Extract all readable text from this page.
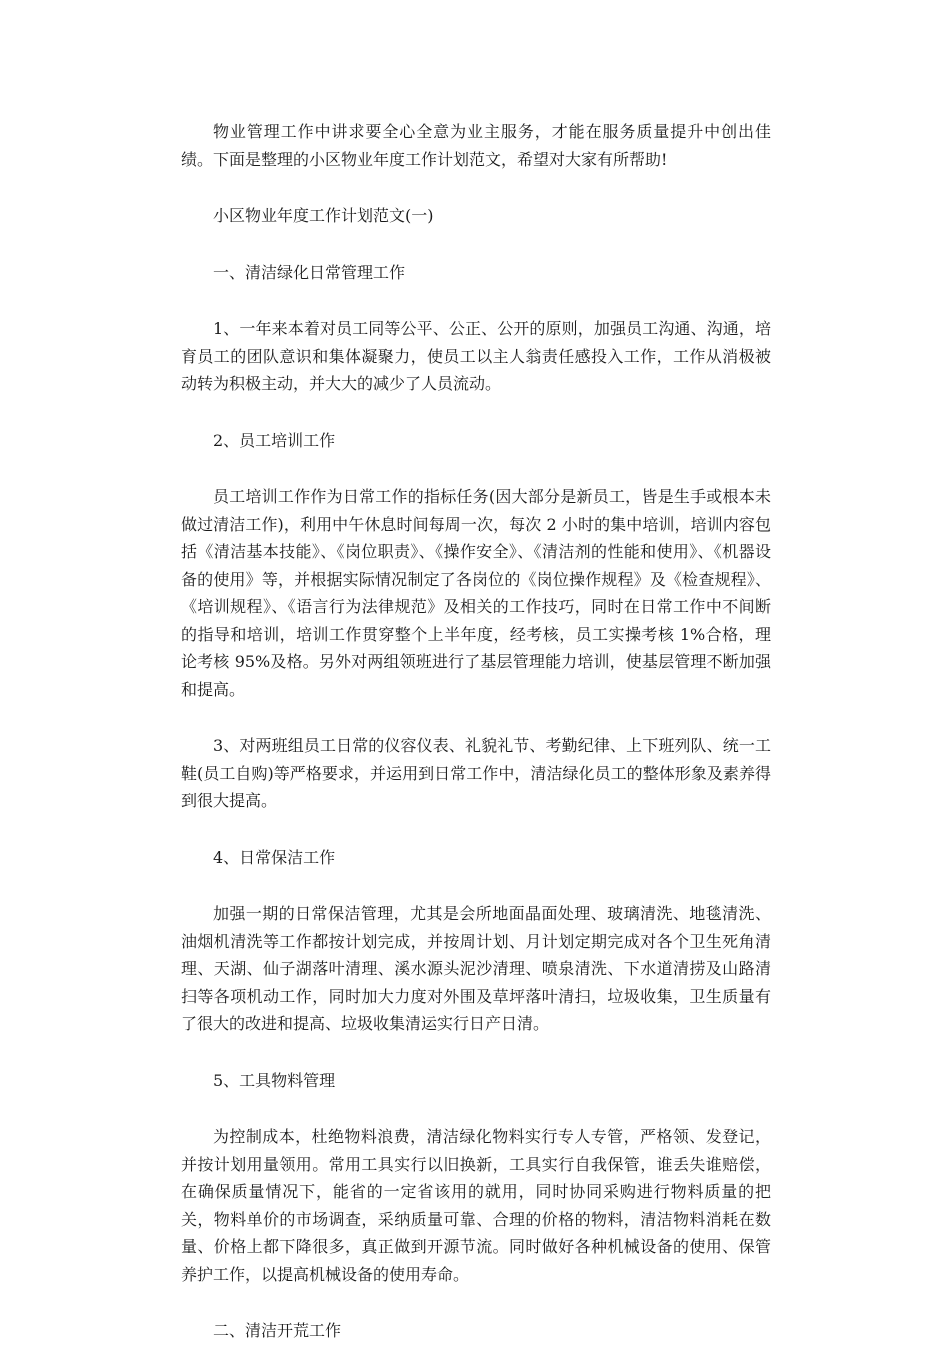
物业管理工作中讲求要全心全意为业主服务，才能在服务质量提升中创出佳绩。下面是整理的小区物业年度工作计划范文，希望对大家有所帮助!

小区物业年度工作计划范文(一)

一、清洁绿化日常管理工作

1、一年来本着对员工同等公平、公正、公开的原则，加强员工沟通、沟通，培育员工的团队意识和集体凝聚力，使员工以主人翁责任感投入工作，工作从消极被动转为积极主动，并大大的减少了人员流动。

2、员工培训工作

员工培训工作作为日常工作的指标任务(因大部分是新员工，皆是生手或根本未做过清洁工作)，利用中午休息时间每周一次，每次 2 小时的集中培训，培训内容包括《清洁基本技能》、《岗位职责》、《操作安全》、《清洁剂的性能和使用》、《机器设备的使用》等，并根据实际情况制定了各岗位的《岗位操作规程》及《检查规程》、《培训规程》、《语言行为法律规范》及相关的工作技巧，同时在日常工作中不间断的指导和培训，培训工作贯穿整个上半年度，经考核，员工实操考核 1%合格，理论考核 95%及格。另外对两组领班进行了基层管理能力培训，使基层管理不断加强和提高。

3、对两班组员工日常的仪容仪表、礼貌礼节、考勤纪律、上下班列队、统一工鞋(员工自购)等严格要求，并运用到日常工作中，清洁绿化员工的整体形象及素养得到很大提高。

4、日常保洁工作

加强一期的日常保洁管理，尤其是会所地面晶面处理、玻璃清洗、地毯清洗、油烟机清洗等工作都按计划完成，并按周计划、月计划定期完成对各个卫生死角清理、天湖、仙子湖落叶清理、溪水源头泥沙清理、喷泉清洗、下水道清捞及山路清扫等各项机动工作，同时加大力度对外围及草坪落叶清扫，垃圾收集，卫生质量有了很大的改进和提高、垃圾收集清运实行日产日清。

5、工具物料管理

为控制成本，杜绝物料浪费，清洁绿化物料实行专人专管，严格领、发登记，并按计划用量领用。常用工具实行以旧换新，工具实行自我保管，谁丢失谁赔偿，在确保质量情况下，能省的一定省该用的就用，同时协同采购进行物料质量的把关，物料单价的市场调查，采纳质量可靠、合理的价格的物料，清洁物料消耗在数量、价格上都下降很多，真正做到开源节流。同时做好各种机械设备的使用、保管养护工作，以提高机械设备的使用寿命。

二、清洁开荒工作
